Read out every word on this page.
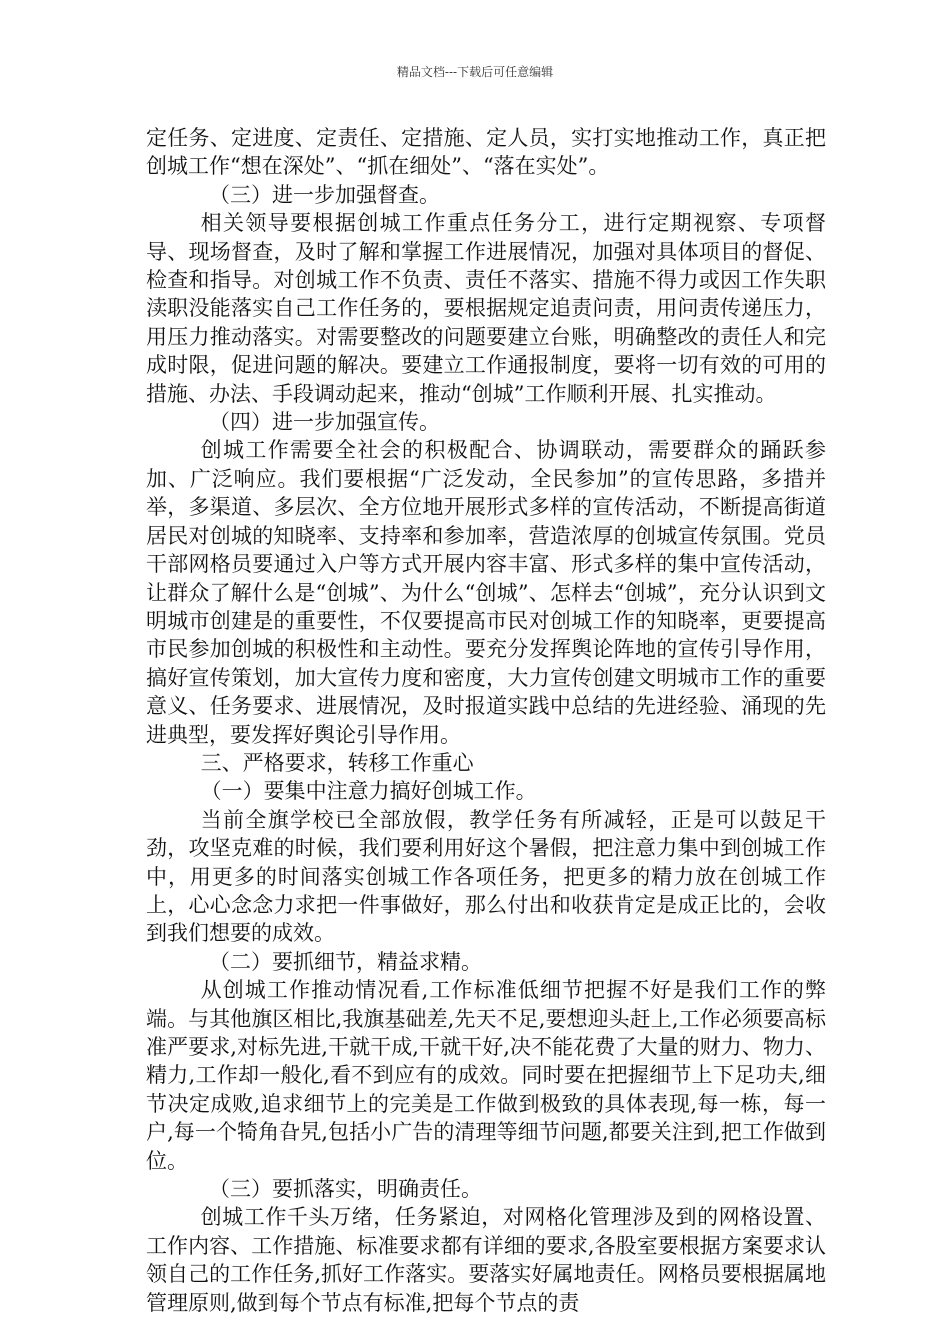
精品文档---下载后可任意编辑

定任务、定进度、定责任、定措施、定人员，实打实地推动工作，真正把创城工作“想在深处”、“抓在细处”、“落在实处”。

（三）进一步加强督查。

相关领导要根据创城工作重点任务分工，进行定期视察、专项督导、现场督查，及时了解和掌握工作进展情况，加强对具体项目的督促、检查和指导。对创城工作不负责、责任不落实、措施不得力或因工作失职渎职没能落实自己工作任务的，要根据规定追责问责，用问责传递压力，用压力推动落实。对需要整改的问题要建立台账，明确整改的责任人和完成时限，促进问题的解决。要建立工作通报制度，要将一切有效的可用的措施、办法、手段调动起来，推动“创城”工作顺利开展、扎实推动。

（四）进一步加强宣传。

创城工作需要全社会的积极配合、协调联动，需要群众的踊跃参加、广泛响应。我们要根据“广泛发动，全民参加”的宣传思路，多措并举，多渠道、多层次、全方位地开展形式多样的宣传活动，不断提高街道居民对创城的知晓率、支持率和参加率，营造浓厚的创城宣传氛围。党员干部网格员要通过入户等方式开展内容丰富、形式多样的集中宣传活动，让群众了解什么是“创城”、为什么“创城”、怎样去“创城”，充分认识到文明城市创建是的重要性，不仅要提高市民对创城工作的知晓率，更要提高市民参加创城的积极性和主动性。要充分发挥舆论阵地的宣传引导作用，搞好宣传策划，加大宣传力度和密度，大力宣传创建文明城市工作的重要意义、任务要求、进展情况，及时报道实践中总结的先进经验、涌现的先进典型，要发挥好舆论引导作用。

三、严格要求，转移工作重心

（一）要集中注意力搞好创城工作。

当前全旗学校已全部放假，教学任务有所减轻，正是可以鼓足干劲，攻坚克难的时候，我们要利用好这个暑假，把注意力集中到创城工作中，用更多的时间落实创城工作各项任务，把更多的精力放在创城工作上，心心念念力求把一件事做好，那么付出和收获肯定是成正比的，会收到我们想要的成效。

（二）要抓细节，精益求精。

从创城工作推动情况看,工作标准低细节把握不好是我们工作的弊端。与其他旗区相比,我旗基础差,先天不足,要想迎头赶上,工作必须要高标准严要求,对标先进,干就干成,干就干好,决不能花费了大量的财力、物力、精力,工作却一般化,看不到应有的成效。同时要在把握细节上下足功夫,细节决定成败,追求细节上的完美是工作做到极致的具体表现,每一栋，每一户,每一个犄角旮旯,包括小广告的清理等细节问题,都要关注到,把工作做到位。

（三）要抓落实，明确责任。

创城工作千头万绪，任务紧迫，对网格化管理涉及到的网格设置、工作内容、工作措施、标准要求都有详细的要求,各股室要根据方案要求认领自己的工作任务,抓好工作落实。要落实好属地责任。网格员要根据属地管理原则,做到每个节点有标准,把每个节点的责
